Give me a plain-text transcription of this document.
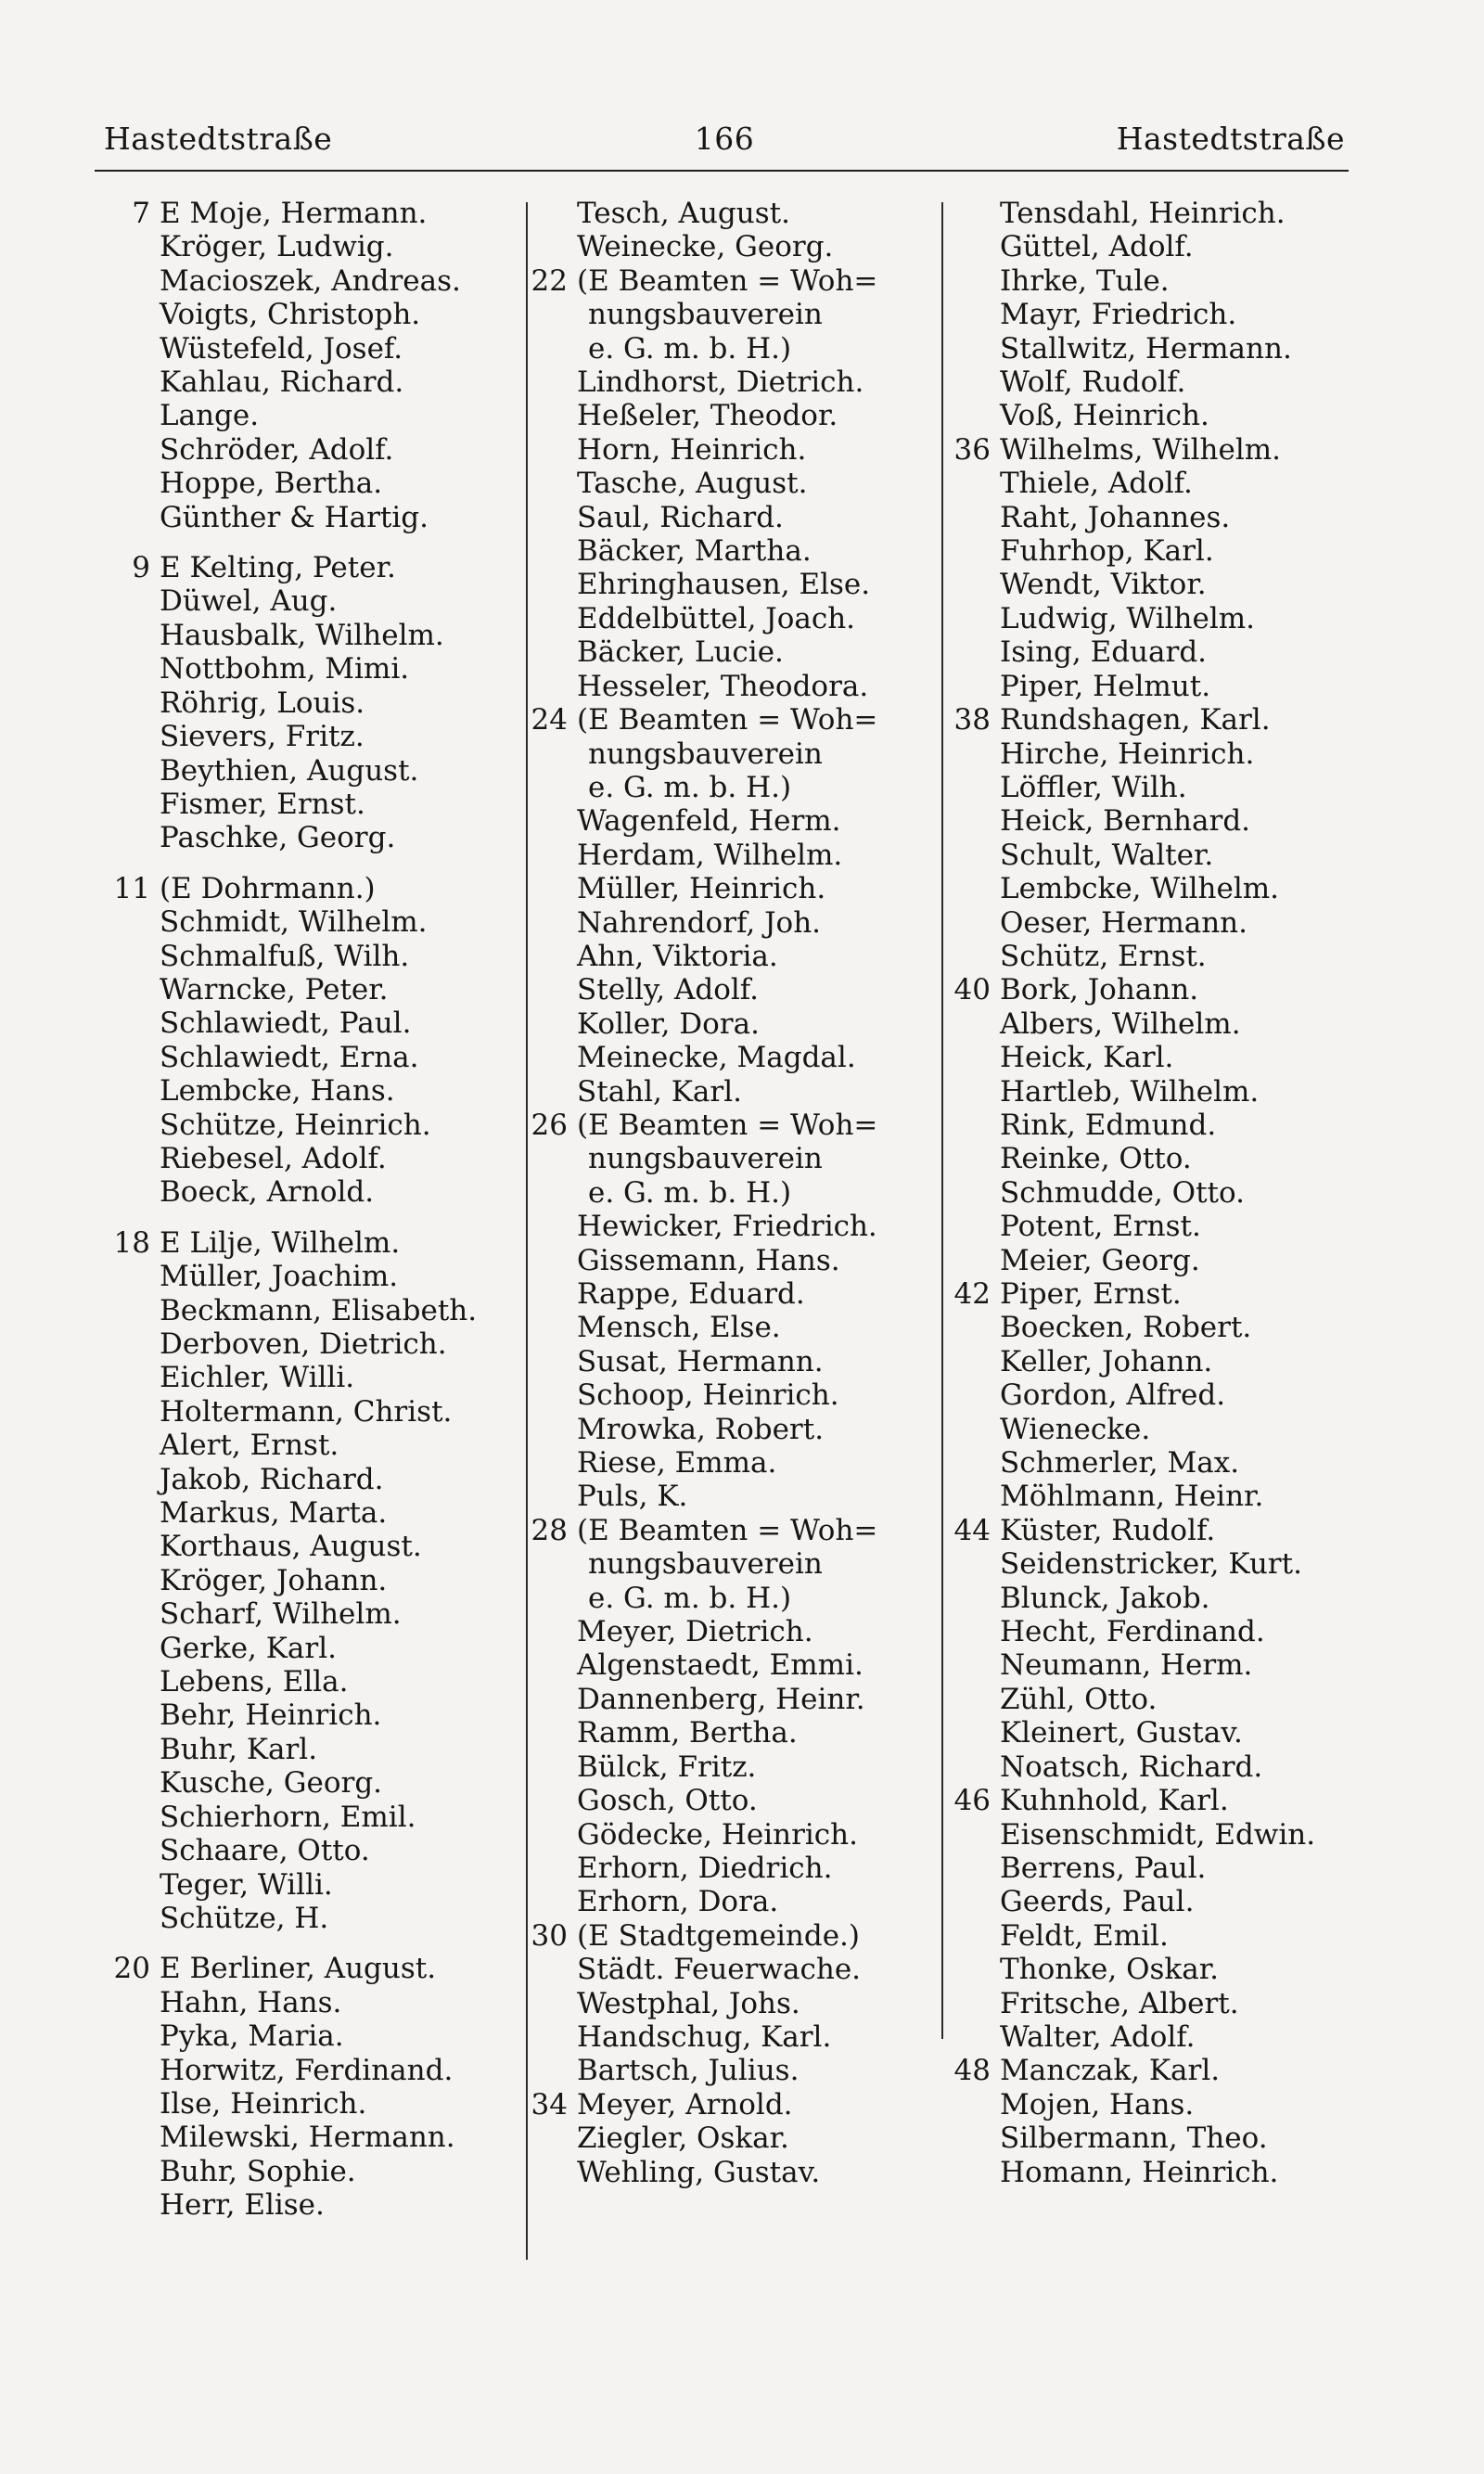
Hastedtstraße	166	Hastedtstraße
7 E Moje, Hermann.
Kröger, Ludwig.
Macioszek, Andreas.
Voigts, Christoph.
Wüstefeld, Josef.
Kahlau, Richard.
Lange.
Schröder, Adolf.
Hoppe, Bertha.
Günther & Hartig.
9 E Kelting, Peter.
Düwel, Aug.
Hausbalk, Wilhelm.
Nottbohm, Mimi.
Röhrig, Louis.
Sievers, Fritz.
Beythien, August.
Fismer, Ernst.
Paschke, Georg.
11 (E Dohrmann.)
Schmidt, Wilhelm.
Schmalfuß, Wilh.
Warncke, Peter.
Schlawiedt, Paul.
Schlawiedt, Erna.
Lembcke, Hans.
Schütze, Heinrich.
Riebesel, Adolf.
Boeck, Arnold.
18 E Lilje, Wilhelm.
Müller, Joachim.
Beckmann, Elisabeth.
Derboven, Dietrich.
Eichler, Willi.
Holtermann, Christ.
Alert, Ernst.
Jakob, Richard.
Markus, Marta.
Korthaus, August.
Kröger, Johann.
Scharf, Wilhelm.
Gerke, Karl.
Lebens, Ella.
Behr, Heinrich.
Buhr, Karl.
Kusche, Georg.
Schierhorn, Emil.
Schaare, Otto.
Teger, Willi.
Schütze, H.
20 E Berliner, August.
Hahn, Hans.
Pyka, Maria.
Horwitz, Ferdinand.
Ilse, Heinrich.
Milewski, Hermann.
Buhr, Sophie.
Herr, Elise.
Tesch, August.
Weinecke, Georg.
22 (E Beamten = Woh=
nungsbauverein
e. G. m. b. H.)
Lindhorst, Dietrich.
Heßeler, Theodor.
Horn, Heinrich.
Tasche, August.
Saul, Richard.
Bäcker, Martha.
Ehringhausen, Else.
Eddelbüttel, Joach.
Bäcker, Lucie.
Hesseler, Theodora.
24 (E Beamten = Woh=
nungsbauverein
e. G. m. b. H.)
Wagenfeld, Herm.
Herdam, Wilhelm.
Müller, Heinrich.
Nahrendorf, Joh.
Ahn, Viktoria.
Stelly, Adolf.
Koller, Dora.
Meinecke, Magdal.
Stahl, Karl.
26 (E Beamten = Woh=
nungsbauverein
e. G. m. b. H.)
Hewicker, Friedrich.
Gissemann, Hans.
Rappe, Eduard.
Mensch, Else.
Susat, Hermann.
Schoop, Heinrich.
Mrowka, Robert.
Riese, Emma.
Puls, K.
28 (E Beamten = Woh=
nungsbauverein
e. G. m. b. H.)
Meyer, Dietrich.
Algenstaedt, Emmi.
Dannenberg, Heinr.
Ramm, Bertha.
Bülck, Fritz.
Gosch, Otto.
Gödecke, Heinrich.
Erhorn, Diedrich.
Erhorn, Dora.
30 (E Stadtgemeinde.)
Städt. Feuerwache.
Westphal, Johs.
Handschug, Karl.
Bartsch, Julius.
34 Meyer, Arnold.
Ziegler, Oskar.
Wehling, Gustav.
Tensdahl, Heinrich.
Güttel, Adolf.
Ihrke, Tule.
Mayr, Friedrich.
Stallwitz, Hermann.
Wolf, Rudolf.
Voß, Heinrich.
36 Wilhelms, Wilhelm.
Thiele, Adolf.
Raht, Johannes.
Fuhrhop, Karl.
Wendt, Viktor.
Ludwig, Wilhelm.
Ising, Eduard.
Piper, Helmut.
38 Rundshagen, Karl.
Hirche, Heinrich.
Löffler, Wilh.
Heick, Bernhard.
Schult, Walter.
Lembcke, Wilhelm.
Oeser, Hermann.
Schütz, Ernst.
40 Bork, Johann.
Albers, Wilhelm.
Heick, Karl.
Hartleb, Wilhelm.
Rink, Edmund.
Reinke, Otto.
Schmudde, Otto.
Potent, Ernst.
Meier, Georg.
42 Piper, Ernst.
Boecken, Robert.
Keller, Johann.
Gordon, Alfred.
Wienecke.
Schmerler, Max.
Möhlmann, Heinr.
44 Küster, Rudolf.
Seidenstricker, Kurt.
Blunck, Jakob.
Hecht, Ferdinand.
Neumann, Herm.
Zühl, Otto.
Kleinert, Gustav.
Noatsch, Richard.
46 Kuhnhold, Karl.
Eisenschmidt, Edwin.
Berrens, Paul.
Geerds, Paul.
Feldt, Emil.
Thonke, Oskar.
Fritsche, Albert.
Walter, Adolf.
48 Manczak, Karl.
Mojen, Hans.
Silbermann, Theo.
Homann, Heinrich.
